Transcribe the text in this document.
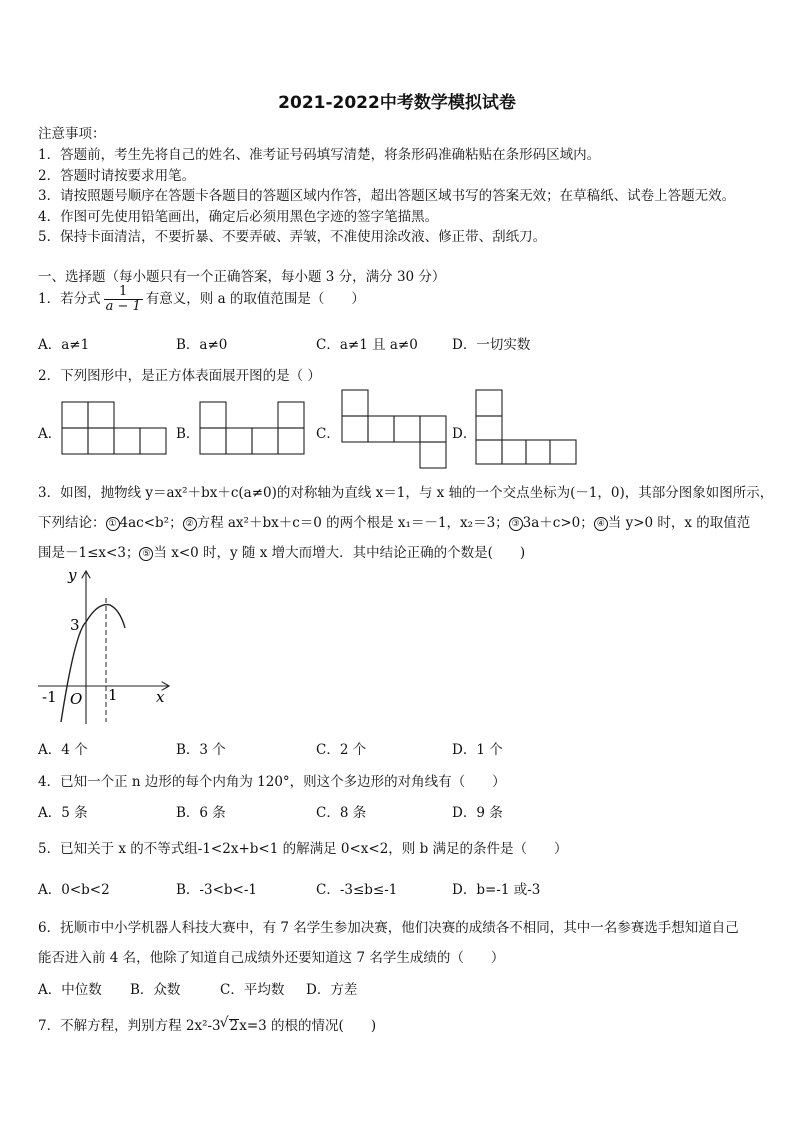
2021-2022中考数学模拟试卷
注意事项：
1．答题前，考生先将自己的姓名、准考证号码填写清楚，将条形码准确粘贴在条形码区域内。
2．答题时请按要求用笔。
3．请按照题号顺序在答题卡各题目的答题区域内作答，超出答题区域书写的答案无效；在草稿纸、试卷上答题无效。
4．作图可先使用铅笔画出，确定后必须用黑色字迹的签字笔描黑。
5．保持卡面清洁，不要折暴、不要弄破、弄皱，不准使用涂改液、修正带、刮纸刀。
一、选择题（每小题只有一个正确答案，每小题 3 分，满分 30 分）
1．若分式 $\frac{1}{a - 1}$ 有意义，则 a 的取值范围是（　　）
A．a≠1	B．a≠0	C．a≠1 且 a≠0	D．一切实数
2．下列图形中，是正方体表面展开图的是（ ）
A．	B．	C．	D．
3．如图，抛物线 y＝ax²＋bx＋c(a≠0)的对称轴为直线 x＝1，与 x 轴的一个交点坐标为(－1，0)，其部分图象如图所示，
下列结论： ① 4ac<b²； ② 方程 ax²＋bx＋c＝0 的两个根是 x₁＝－1，x₂＝3； ③ 3a＋c>0； ④ 当 y>0 时，x 的取值范
围是－1≤x<3； ⑤ 当 x<0 时，y 随 x 增大而增大．其中结论正确的个数是(　　)
y
x
3
-1 O 1
A．4 个	B．3 个	C．2 个	D．1 个
4．已知一个正 n 边形的每个内角为 120°，则这个多边形的对角线有（　　）
A．5 条	B．6 条	C．8 条	D．9 条
5．已知关于 x 的不等式组-1<2x+b<1 的解满足 0<x<2，则 b 满足的条件是（　　）
A．0<b<2	B．-3<b<-1	C．-3≤b≤-1	D．b=-1 或-3
6．抚顺市中小学机器人科技大赛中，有 7 名学生参加决赛，他们决赛的成绩各不相同，其中一名参赛选手想知道自己
能否进入前 4 名，他除了知道自己成绩外还要知道这 7 名学生成绩的（　　）
A．中位数 B．众数	C．平均数 D．方差
7．不解方程，判别方程 2x²-3√ 2x=3 的根的情况(　　)
